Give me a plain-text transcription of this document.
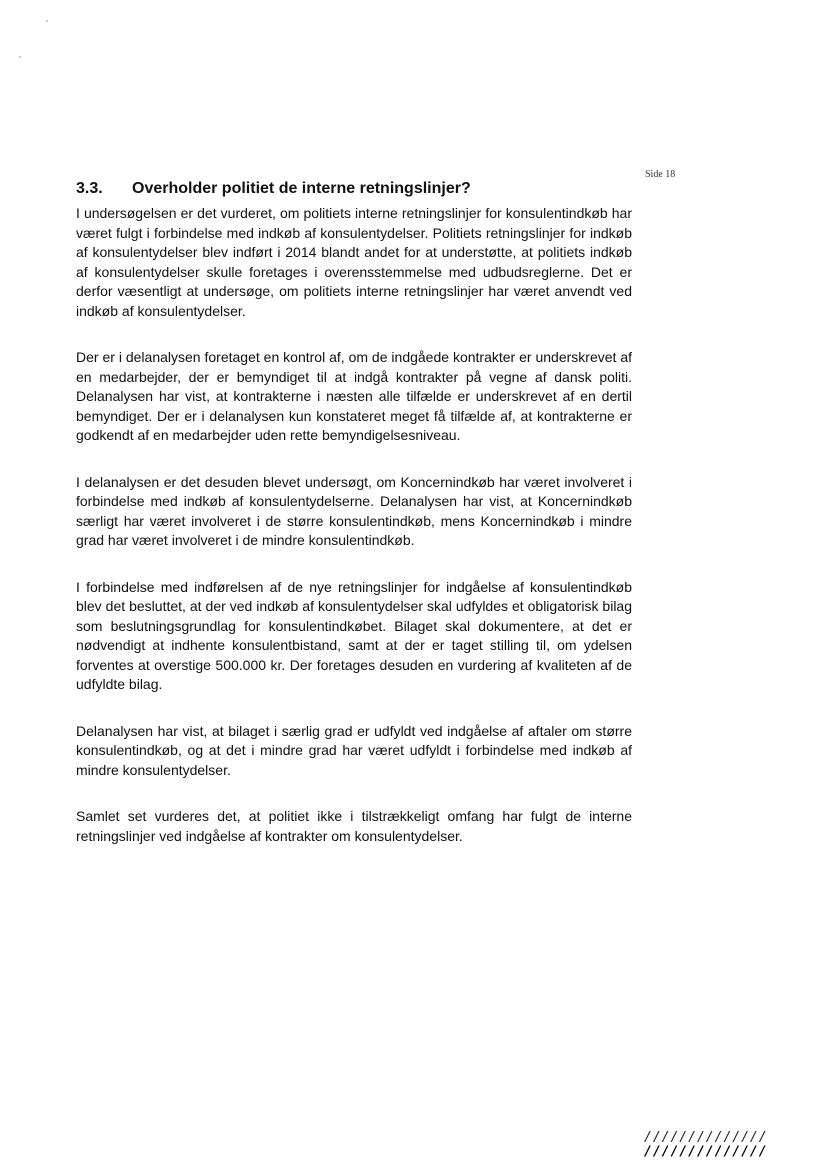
Side 18
3.3. Overholder politiet de interne retningslinjer?

I undersøgelsen er det vurderet, om politiets interne retningslinjer for konsulentindkøb har været fulgt i forbindelse med indkøb af konsulentydelser. Politiets retningslinjer for indkøb af konsulentydelser blev indført i 2014 blandt andet for at understøtte, at politiets indkøb af konsulentydelser skulle foretages i overensstemmelse med udbudsreglerne. Det er derfor væsentligt at undersøge, om politiets interne retningslinjer har været anvendt ved indkøb af konsulentydelser.

Der er i delanalysen foretaget en kontrol af, om de indgåede kontrakter er underskrevet af en medarbejder, der er bemyndiget til at indgå kontrakter på vegne af dansk politi. Delanalysen har vist, at kontrakterne i næsten alle tilfælde er underskrevet af en dertil bemyndiget. Der er i delanalysen kun konstateret meget få tilfælde af, at kontrakterne er godkendt af en medarbejder uden rette bemyndigelsesniveau.

I delanalysen er det desuden blevet undersøgt, om Koncernindkøb har været involveret i forbindelse med indkøb af konsulentydelserne. Delanalysen har vist, at Koncernindkøb særligt har været involveret i de større konsulentindkøb, mens Koncernindkøb i mindre grad har været involveret i de mindre konsulentindkøb.

I forbindelse med indførelsen af de nye retningslinjer for indgåelse af konsulentindkøb blev det besluttet, at der ved indkøb af konsulentydelser skal udfyldes et obligatorisk bilag som beslutningsgrundlag for konsulentindkøbet. Bilaget skal dokumentere, at det er nødvendigt at indhente konsulentbistand, samt at der er taget stilling til, om ydelsen forventes at overstige 500.000 kr. Der foretages desuden en vurdering af kvaliteten af de udfyldte bilag.

Delanalysen har vist, at bilaget i særlig grad er udfyldt ved indgåelse af aftaler om større konsulentindkøb, og at det i mindre grad har været udfyldt i forbindelse med indkøb af mindre konsulentydelser.

Samlet set vurderes det, at politiet ikke i tilstrækkeligt omfang har fulgt de interne retningslinjer ved indgåelse af kontrakter om konsulentydelser.

//////////////
//////////////
